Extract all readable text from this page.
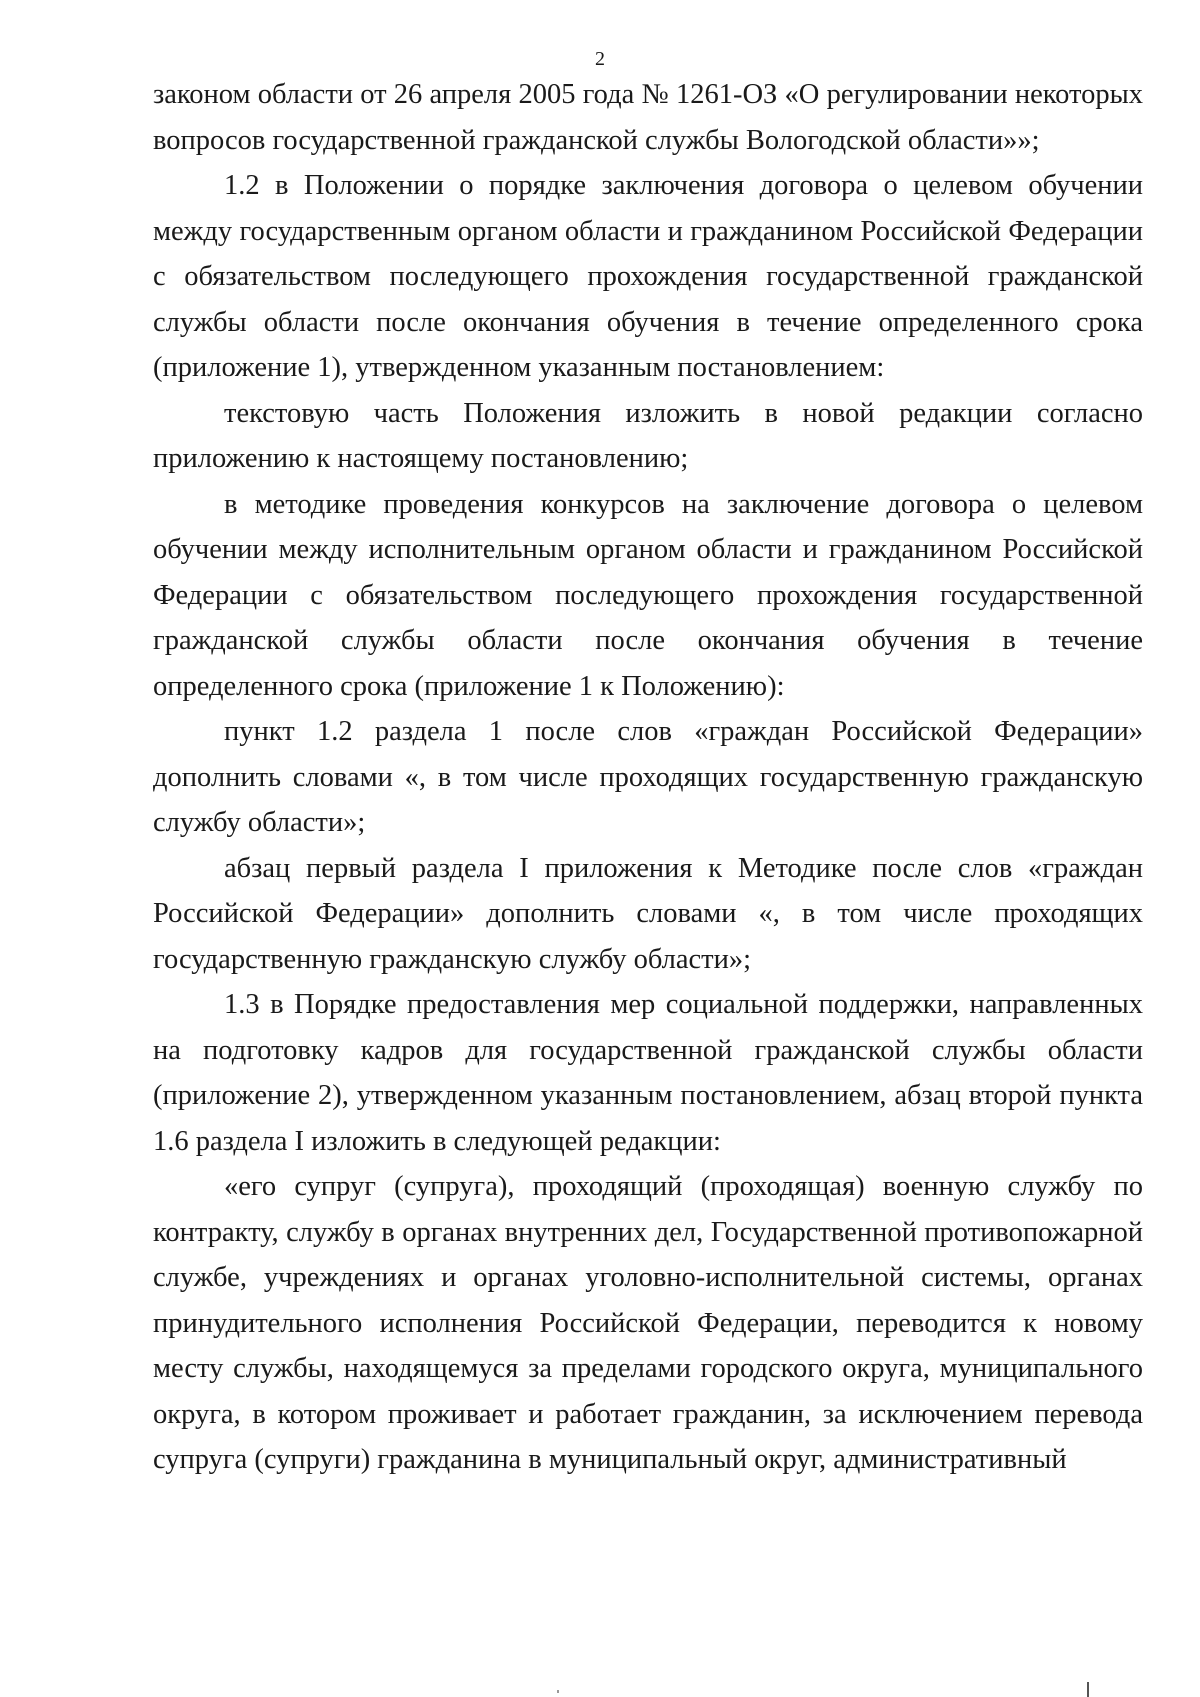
2

законом области от 26 апреля 2005 года № 1261-ОЗ «О регулировании некоторых вопросов государственной гражданской службы Вологодской области»»;

1.2 в Положении о порядке заключения договора о целевом обучении между государственным органом области и гражданином Российской Федерации с обязательством последующего прохождения государственной гражданской службы области после окончания обучения в течение определенного срока (приложение 1), утвержденном указанным постановлением:

текстовую часть Положения изложить в новой редакции согласно приложению к настоящему постановлению;

в методике проведения конкурсов на заключение договора о целевом обучении между исполнительным органом области и гражданином Российской Федерации с обязательством последующего прохождения государственной гражданской службы области после окончания обучения в течение определенного срока (приложение 1 к Положению):

пункт 1.2 раздела 1 после слов «граждан Российской Федерации» дополнить словами «, в том числе проходящих государственную гражданскую службу области»;

абзац первый раздела I приложения к Методике после слов «граждан Российской Федерации» дополнить словами «, в том числе проходящих государственную гражданскую службу области»;

1.3 в Порядке предоставления мер социальной поддержки, направленных на подготовку кадров для государственной гражданской службы области (приложение 2), утвержденном указанным постановлением, абзац второй пункта 1.6 раздела I изложить в следующей редакции:

«его супруг (супруга), проходящий (проходящая) военную службу по контракту, службу в органах внутренних дел, Государственной противопожарной службе, учреждениях и органах уголовно-исполнительной системы, органах принудительного исполнения Российской Федерации, переводится к новому месту службы, находящемуся за пределами городского округа, муниципального округа, в котором проживает и работает гражданин, за исключением перевода супруга (супруги) гражданина в муниципальный округ, административный
